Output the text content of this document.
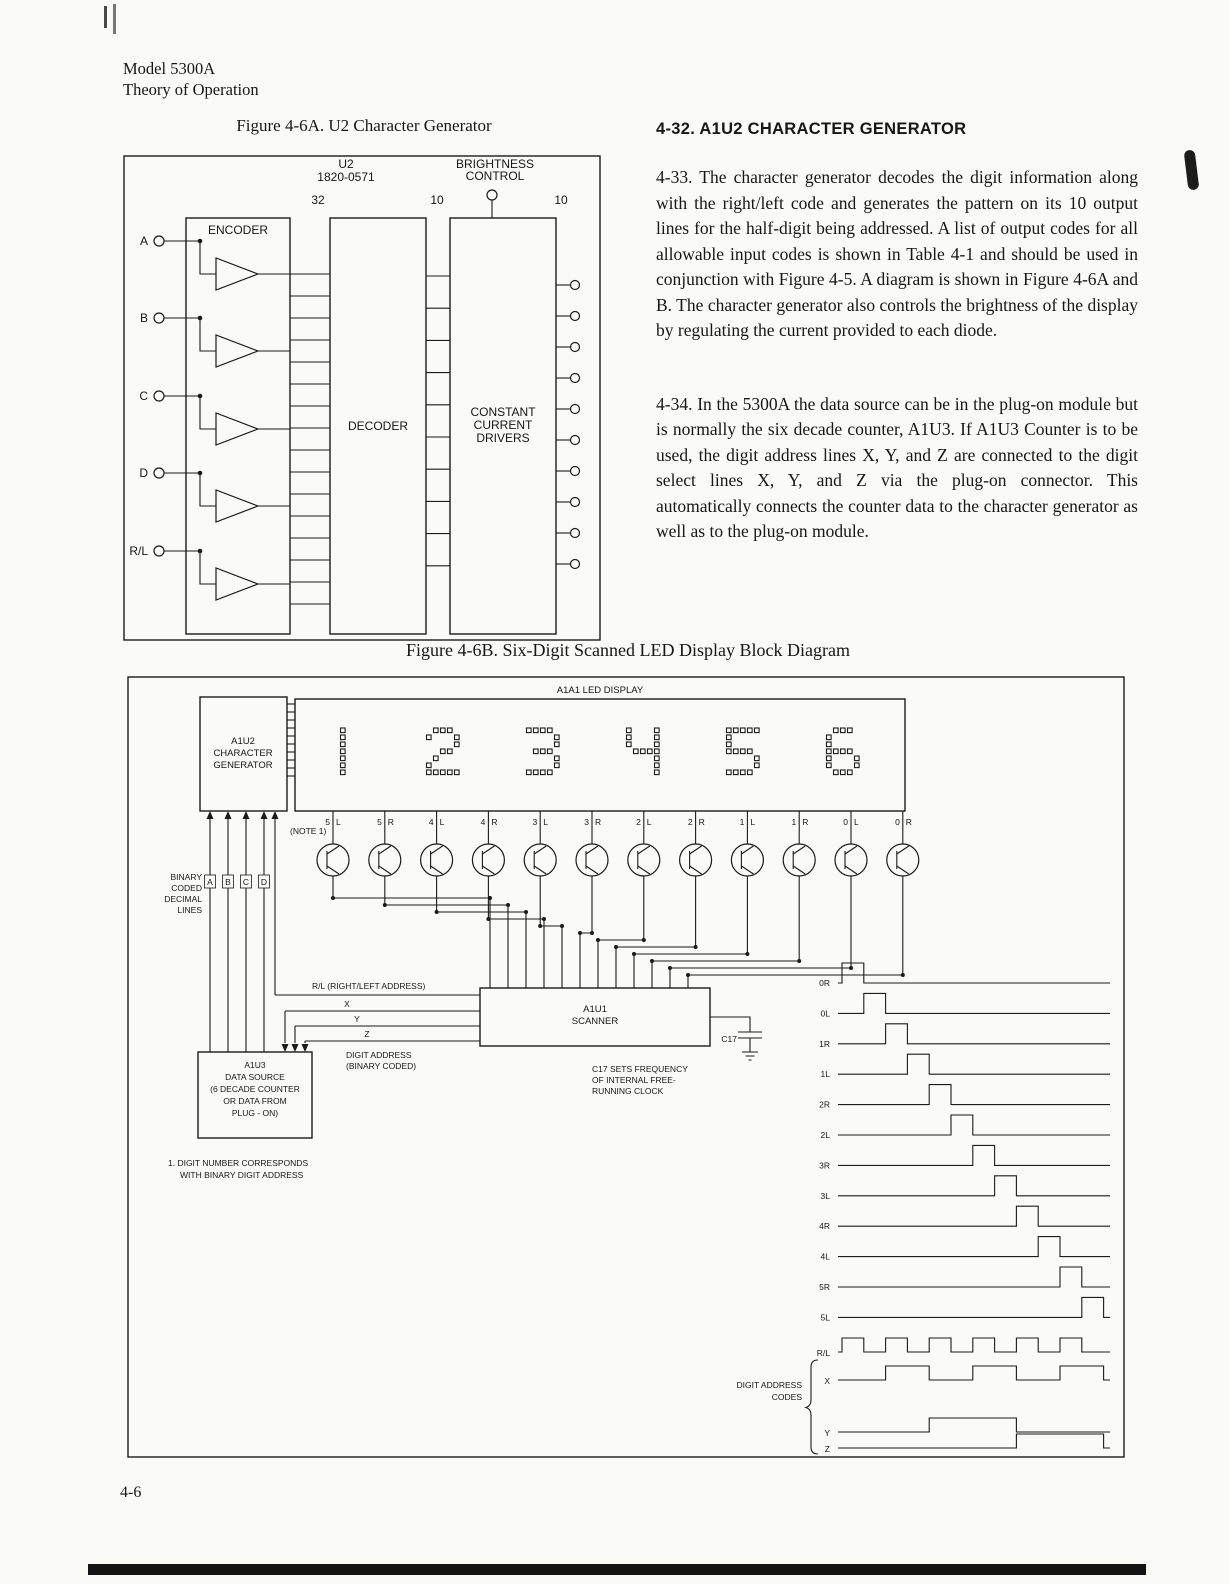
Model 5300A
Theory of Operation
Figure 4-6A. U2 Character Generator
U2
1820-0571
BRIGHTNESS
CONTROL
32	10	10
ENCODER
DECODER
CONSTANT
CURRENT
DRIVERS
A
B
C
D
R/L
4-32. A1U2 CHARACTER GENERATOR

4-33. The character generator decodes the digit information along with the right/left code and generates the pattern on its 10 output lines for the half-digit being addressed. A list of output codes for all allowable input codes is shown in Table 4-1 and should be used in conjunction with Figure 4-5. A diagram is shown in Figure 4-6A and B. The character generator also controls the brightness of the display by regulating the current provided to each diode.

4-34. In the 5300A the data source can be in the plug-on module but is normally the six decade counter, A1U3. If A1U3 Counter is to be used, the digit address lines X, Y, and Z are connected to the digit select lines X, Y, and Z via the plug-on connector. This automatically connects the counter data to the character generator as well as to the plug-on module.

Figure 4-6B. Six-Digit Scanned LED Display Block Diagram
A1A1 LED DISPLAY
A1U2
CHARACTER
GENERATOR
(NOTE 1)
BINARY
CODED
DECIMAL
LINES
R/L (RIGHT/LEFT ADDRESS)
X
Y
Z
A1U1
SCANNER
C17
C17 SETS FREQUENCY
OF INTERNAL FREE-
RUNNING CLOCK
A1U3
DATA SOURCE
(6 DECADE COUNTER
OR DATA FROM
PLUG - ON)
DIGIT ADDRESS
(BINARY CODED)
1. DIGIT NUMBER CORRESPONDS
WITH BINARY DIGIT ADDRESS
R/L
X
Y
Z
DIGIT ADDRESS
CODES
5 L	5 R	4 L	4 R	3 L	3 R	2 L	2 R	1 L	1 R	0 L	0 R
A B C D
0R
0L
1R
1L
2R
2L
3R
3L
4R
4L
5R
5L
4-6
